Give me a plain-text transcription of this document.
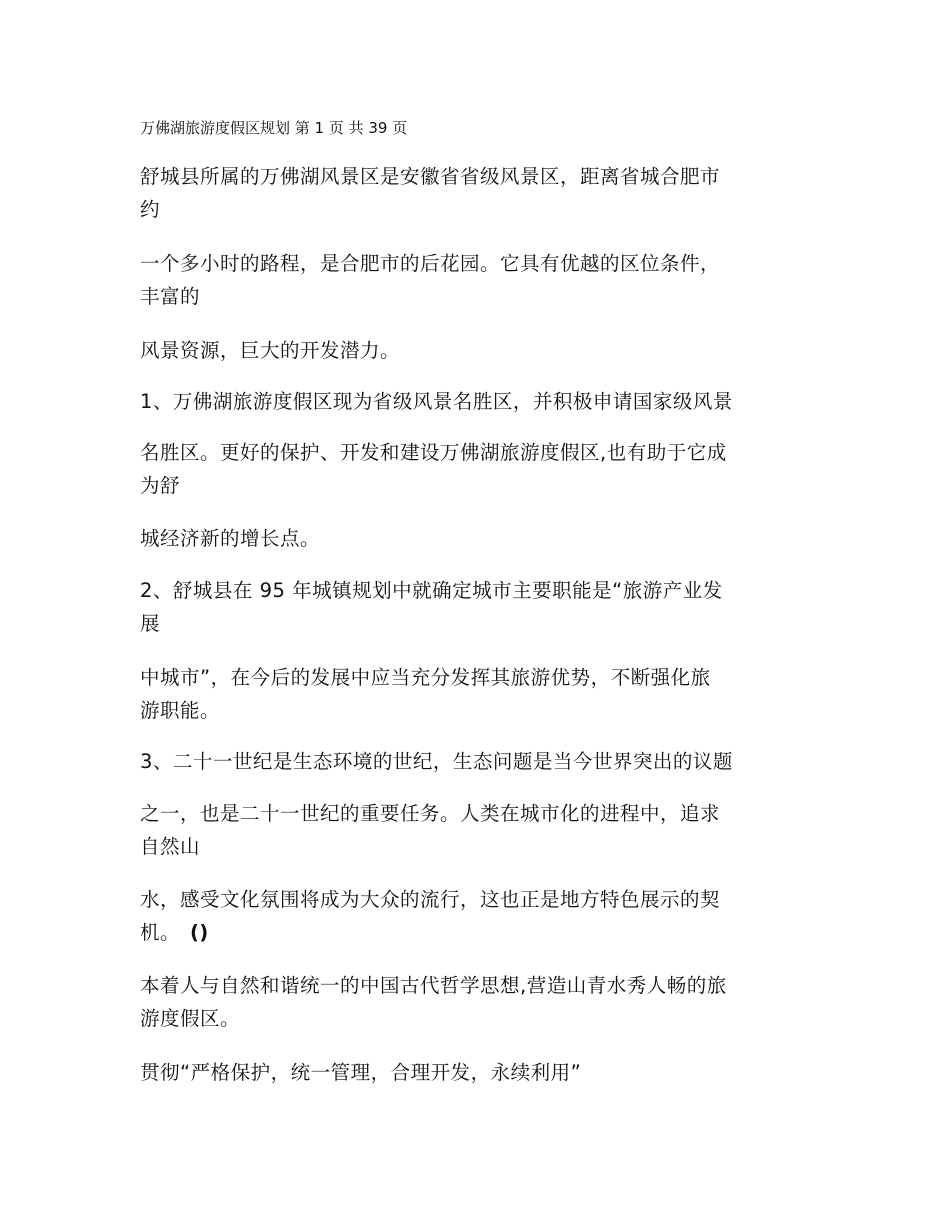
万佛湖旅游度假区规划 第 1 页 共 39 页
舒城县所属的万佛湖风景区是安徽省省级风景区，距离省城合肥市
约
一个多小时的路程，是合肥市的后花园。它具有优越的区位条件，
丰富的
风景资源，巨大的开发潜力。
1、万佛湖旅游度假区现为省级风景名胜区，并积极申请国家级风景
名胜区。更好的保护、开发和建设万佛湖旅游度假区,也有助于它成
为舒
城经济新的增长点。
2、舒城县在 95 年城镇规划中就确定城市主要职能是“旅游产业发
展
中城市”，在今后的发展中应当充分发挥其旅游优势，不断强化旅
游职能。
3、二十一世纪是生态环境的世纪，生态问题是当今世界突出的议题
之一，也是二十一世纪的重要任务。人类在城市化的进程中，追求
自然山
水，感受文化氛围将成为大众的流行，这也正是地方特色展示的契
机。 ()
本着人与自然和谐统一的中国古代哲学思想,营造山青水秀人畅的旅
游度假区。
贯彻“严格保护，统一管理，合理开发，永续利用”
